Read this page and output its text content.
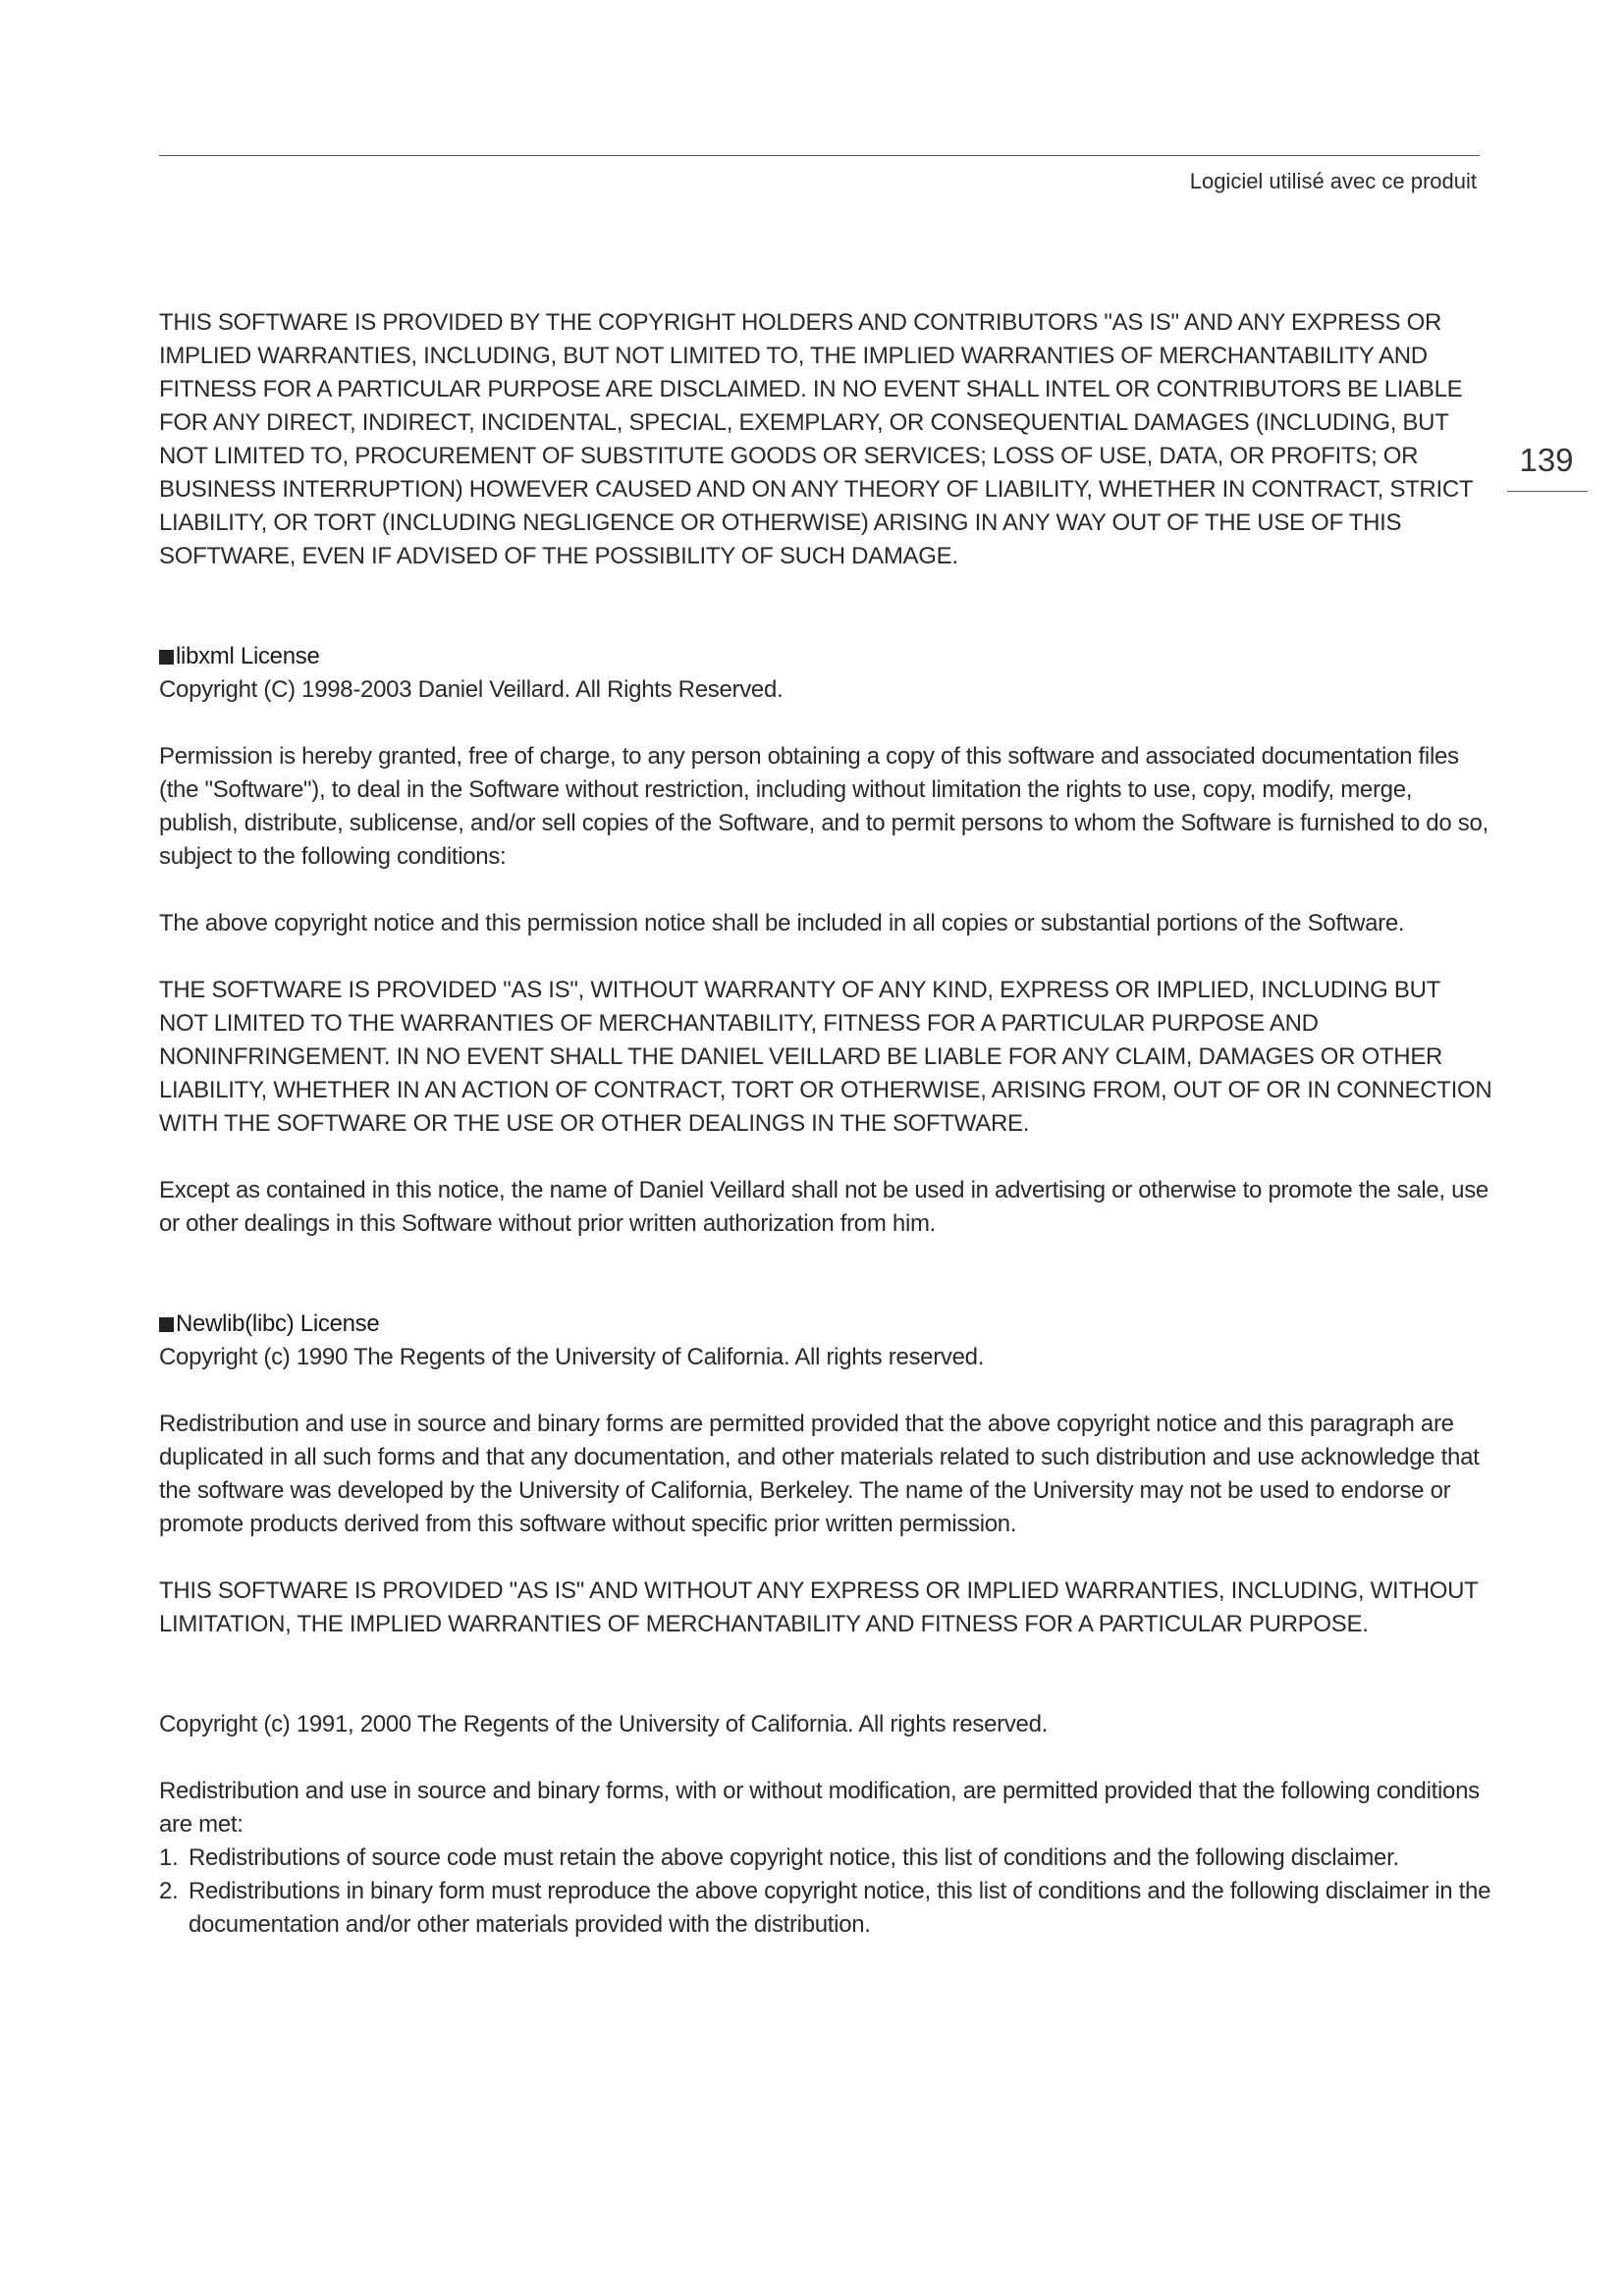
Logiciel utilisé avec ce produit
139

THIS SOFTWARE IS PROVIDED BY THE COPYRIGHT HOLDERS AND CONTRIBUTORS "AS IS" AND ANY EXPRESS OR IMPLIED WARRANTIES, INCLUDING, BUT NOT LIMITED TO, THE IMPLIED WARRANTIES OF MERCHANTABILITY AND FITNESS FOR A PARTICULAR PURPOSE ARE DISCLAIMED. IN NO EVENT SHALL INTEL OR CONTRIBUTORS BE LIABLE FOR ANY DIRECT, INDIRECT, INCIDENTAL, SPECIAL, EXEMPLARY, OR CONSEQUENTIAL DAMAGES (INCLUDING, BUT NOT LIMITED TO, PROCUREMENT OF SUBSTITUTE GOODS OR SERVICES; LOSS OF USE, DATA, OR PROFITS; OR BUSINESS INTERRUPTION) HOWEVER CAUSED AND ON ANY THEORY OF LIABILITY, WHETHER IN CONTRACT, STRICT LIABILITY, OR TORT (INCLUDING NEGLIGENCE OR OTHERWISE) ARISING IN ANY WAY OUT OF THE USE OF THIS SOFTWARE, EVEN IF ADVISED OF THE POSSIBILITY OF SUCH DAMAGE.

libxml License

Copyright (C) 1998-2003 Daniel Veillard. All Rights Reserved.

Permission is hereby granted, free of charge, to any person obtaining a copy of this software and associated documentation files (the "Software"), to deal in the Software without restriction, including without limitation the rights to use, copy, modify, merge, publish, distribute, sublicense, and/or sell copies of the Software, and to permit persons to whom the Software is furnished to do so, subject to the following conditions:

The above copyright notice and this permission notice shall be included in all copies or substantial portions of the Software.

THE SOFTWARE IS PROVIDED "AS IS", WITHOUT WARRANTY OF ANY KIND, EXPRESS OR IMPLIED, INCLUDING BUT NOT LIMITED TO THE WARRANTIES OF MERCHANTABILITY, FITNESS FOR A PARTICULAR PURPOSE AND NONINFRINGEMENT. IN NO EVENT SHALL THE DANIEL VEILLARD BE LIABLE FOR ANY CLAIM, DAMAGES OR OTHER LIABILITY, WHETHER IN AN ACTION OF CONTRACT, TORT OR OTHERWISE, ARISING FROM, OUT OF OR IN CONNECTION WITH THE SOFTWARE OR THE USE OR OTHER DEALINGS IN THE SOFTWARE.

Except as contained in this notice, the name of Daniel Veillard shall not be used in advertising or otherwise to promote the sale, use or other dealings in this Software without prior written authorization from him.

Newlib(libc) License

Copyright (c) 1990 The Regents of the University of California. All rights reserved.

Redistribution and use in source and binary forms are permitted provided that the above copyright notice and this paragraph are duplicated in all such forms and that any documentation, and other materials related to such distribution and use acknowledge that the software was developed by the University of California, Berkeley. The name of the University may not be used to endorse or promote products derived from this software without specific prior written permission.

THIS SOFTWARE IS PROVIDED "AS IS" AND WITHOUT ANY EXPRESS OR IMPLIED WARRANTIES, INCLUDING, WITHOUT LIMITATION, THE IMPLIED WARRANTIES OF MERCHANTABILITY AND FITNESS FOR A PARTICULAR PURPOSE.

Copyright (c) 1991, 2000 The Regents of the University of California. All rights reserved.

Redistribution and use in source and binary forms, with or without modification, are permitted provided that the following conditions are met:

1. Redistributions of source code must retain the above copyright notice, this list of conditions and the following disclaimer.
2. Redistributions in binary form must reproduce the above copyright notice, this list of conditions and the following disclaimer in the documentation and/or other materials provided with the distribution.
